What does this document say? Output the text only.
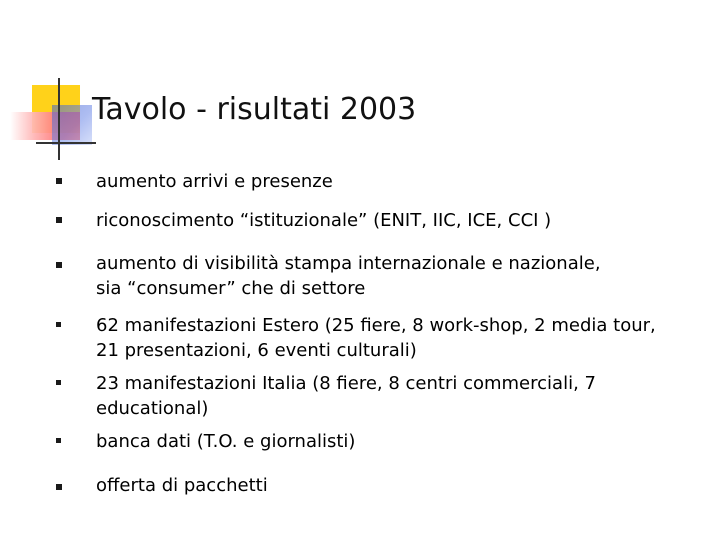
Tavolo - risultati 2003
aumento arrivi e presenze
riconoscimento “istituzionale” (ENIT, IIC, ICE, CCI )
aumento di visibilità stampa internazionale e nazionale,
sia “consumer” che di settore
62 manifestazioni Estero (25 fiere, 8 work-shop, 2 media tour,
21 presentazioni, 6 eventi culturali)
23 manifestazioni Italia (8 fiere, 8 centri commerciali, 7
educational)
banca dati (T.O. e giornalisti)
offerta di pacchetti
